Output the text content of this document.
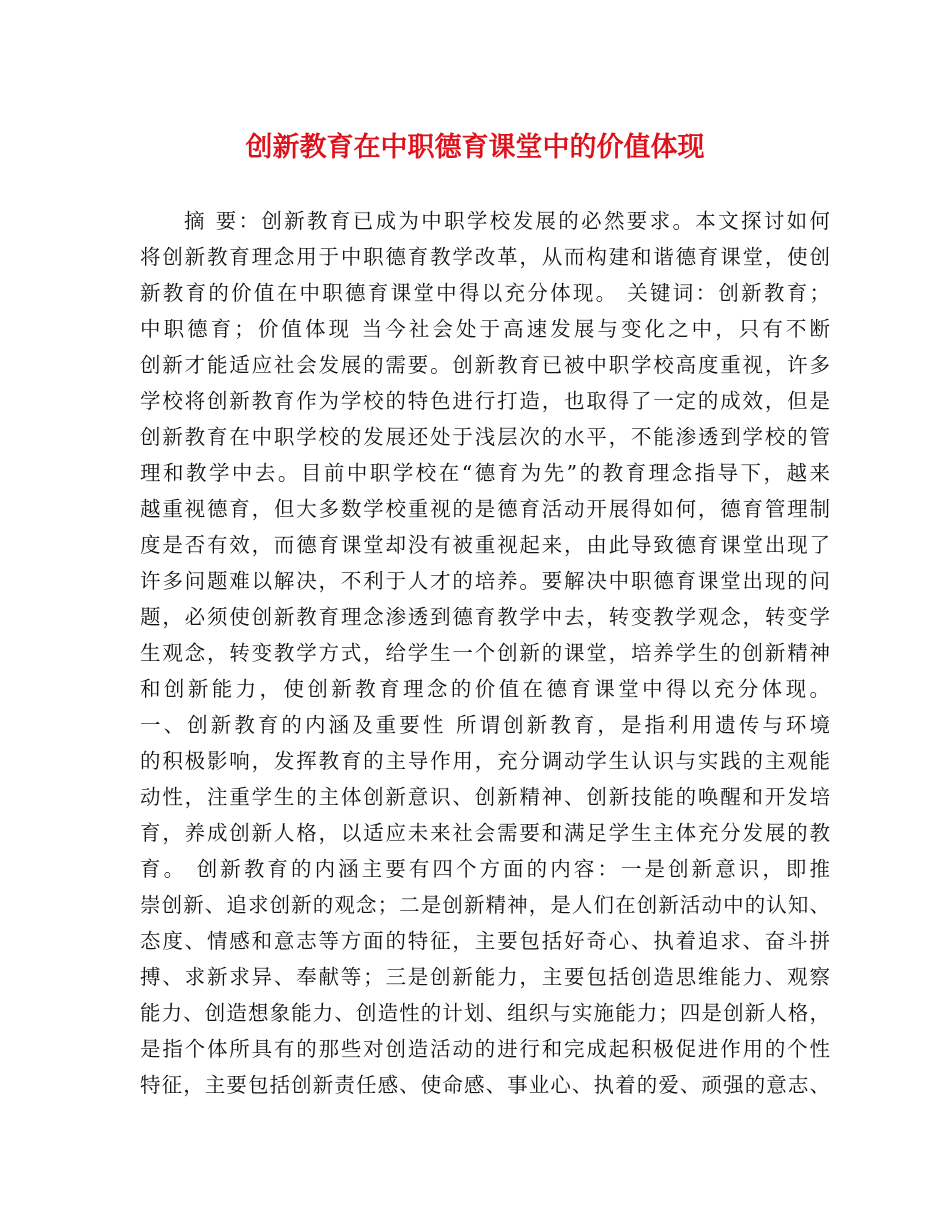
创新教育在中职德育课堂中的价值体现
摘 要：创新教育已成为中职学校发展的必然要求。本文探讨如何
将创新教育理念用于中职德育教学改革，从而构建和谐德育课堂，使创
新教育的价值在中职德育课堂中得以充分体现。 关键词：创新教育；
中职德育；价值体现 当今社会处于高速发展与变化之中，只有不断
创新才能适应社会发展的需要。创新教育已被中职学校高度重视，许多
学校将创新教育作为学校的特色进行打造，也取得了一定的成效，但是
创新教育在中职学校的发展还处于浅层次的水平，不能渗透到学校的管
理和教学中去。目前中职学校在“德育为先”的教育理念指导下，越来
越重视德育，但大多数学校重视的是德育活动开展得如何，德育管理制
度是否有效，而德育课堂却没有被重视起来，由此导致德育课堂出现了
许多问题难以解决，不利于人才的培养。要解决中职德育课堂出现的问
题，必须使创新教育理念渗透到德育教学中去，转变教学观念，转变学
生观念，转变教学方式，给学生一个创新的课堂，培养学生的创新精神
和创新能力，使创新教育理念的价值在德育课堂中得以充分体现。
一、创新教育的内涵及重要性 所谓创新教育，是指利用遗传与环境
的积极影响，发挥教育的主导作用，充分调动学生认识与实践的主观能
动性，注重学生的主体创新意识、创新精神、创新技能的唤醒和开发培
育，养成创新人格，以适应未来社会需要和满足学生主体充分发展的教
育。 创新教育的内涵主要有四个方面的内容：一是创新意识，即推
崇创新、追求创新的观念；二是创新精神，是人们在创新活动中的认知、
态度、情感和意志等方面的特征，主要包括好奇心、执着追求、奋斗拼
搏、求新求异、奉献等；三是创新能力，主要包括创造思维能力、观察
能力、创造想象能力、创造性的计划、组织与实施能力；四是创新人格，
是指个体所具有的那些对创造活动的进行和完成起积极促进作用的个性
特征，主要包括创新责任感、使命感、事业心、执着的爱、顽强的意志、
